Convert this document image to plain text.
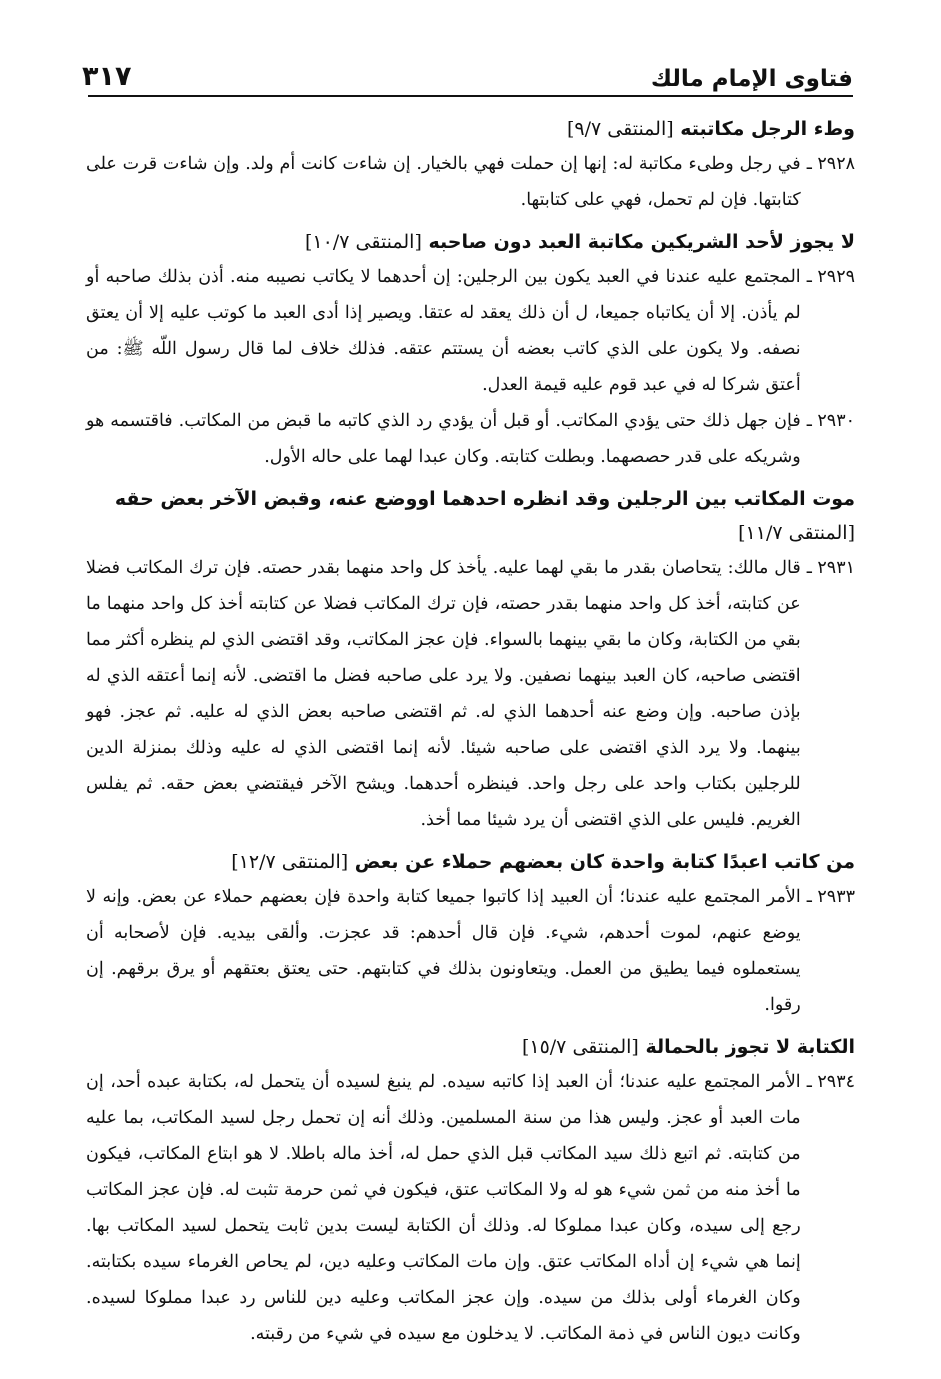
فتاوى الإمام مالك
٣١٧
وطء الرجل مكاتبته [المنتقى ٩/٧]
٢٩٢٨ ـ
في رجل وطىء مكاتبة له: إنها إن حملت فهي بالخيار. إن شاءت كانت أم ولد. وإن شاءت قرت على كتابتها. فإن لم تحمل، فهي على كتابتها.
لا يجوز لأحد الشريكين مكاتبة العبد دون صاحبه [المنتقى ١٠/٧]
٢٩٢٩ ـ
المجتمع عليه عندنا في العبد يكون بين الرجلين: إن أحدهما لا يكاتب نصيبه منه. أذن بذلك صاحبه أو لم يأذن. إلا أن يكاتباه جميعا، ل أن ذلك يعقد له عتقا. ويصير إذا أدى العبد ما كوتب عليه إلا أن يعتق نصفه. ولا يكون على الذي كاتب بعضه أن يستتم عتقه. فذلك خلاف لما قال رسول اللّه ﷺ: من أعتق شركا له في عبد قوم عليه قيمة العدل.
٢٩٣٠ ـ
فإن جهل ذلك حتى يؤدي المكاتب. أو قبل أن يؤدي رد الذي كاتبه ما قبض من المكاتب. فاقتسمه هو وشريكه على قدر حصصهما. وبطلت كتابته. وكان عبدا لهما على حاله الأول.
موت المكاتب بين الرجلين وقد انظره احدهما اووضع عنه، وقبض الآخر بعض حقه [المنتقى ١١/٧]
٢٩٣١ ـ
قال مالك: يتحاصان بقدر ما بقي لهما عليه. يأخذ كل واحد منهما بقدر حصته. فإن ترك المكاتب فضلا عن كتابته، أخذ كل واحد منهما بقدر حصته، فإن ترك المكاتب فضلا عن كتابته أخذ كل واحد منهما ما بقي من الكتابة، وكان ما بقي بينهما بالسواء. فإن عجز المكاتب، وقد اقتضى الذي لم ينظره أكثر مما اقتضى صاحبه، كان العبد بينهما نصفين. ولا يرد على صاحبه فضل ما اقتضى. لأنه إنما أعتقه الذي له بإذن صاحبه. وإن وضع عنه أحدهما الذي له. ثم اقتضى صاحبه بعض الذي له عليه. ثم عجز. فهو بينهما. ولا يرد الذي اقتضى على صاحبه شيئا. لأنه إنما اقتضى الذي له عليه وذلك بمنزلة الدين للرجلين بكتاب واحد على رجل واحد. فينظره أحدهما. ويشح الآخر فيقتضي بعض حقه. ثم يفلس الغريم. فليس على الذي اقتضى أن يرد شيئا مما أخذ.
من كاتب اعبدًا كتابة واحدة كان بعضهم حملاء عن بعض [المنتقى ١٢/٧]
٢٩٣٣ ـ
الأمر المجتمع عليه عندنا؛ أن العبيد إذا كاتبوا جميعا كتابة واحدة فإن بعضهم حملاء عن بعض. وإنه لا يوضع عنهم، لموت أحدهم، شيء. فإن قال أحدهم: قد عجزت. وألقى بيديه. فإن لأصحابه أن يستعملوه فيما يطيق من العمل. ويتعاونون بذلك في كتابتهم. حتى يعتق بعتقهم أو يرق برقهم. إن رقوا.
الكتابة لا تجوز بالحمالة [المنتقى ١٥/٧]
٢٩٣٤ ـ
الأمر المجتمع عليه عندنا؛ أن العبد إذا كاتبه سيده. لم ينبغ لسيده أن يتحمل له، بكتابة عبده أحد، إن مات العبد أو عجز. وليس هذا من سنة المسلمين. وذلك أنه إن تحمل رجل لسيد المكاتب، بما عليه من كتابته. ثم اتبع ذلك سيد المكاتب قبل الذي حمل له، أخذ ماله باطلا. لا هو ابتاع المكاتب، فيكون ما أخذ منه من ثمن شيء هو له ولا المكاتب عتق، فيكون في ثمن حرمة تثبت له. فإن عجز المكاتب رجع إلى سيده، وكان عبدا مملوكا له. وذلك أن الكتابة ليست بدين ثابت يتحمل لسيد المكاتب بها. إنما هي شيء إن أداه المكاتب عتق. وإن مات المكاتب وعليه دين، لم يحاص الغرماء سيده بكتابته. وكان الغرماء أولى بذلك من سيده. وإن عجز المكاتب وعليه دين للناس رد عبدا مملوكا لسيده. وكانت ديون الناس في ذمة المكاتب. لا يدخلون مع سيده في شيء من رقبته.
